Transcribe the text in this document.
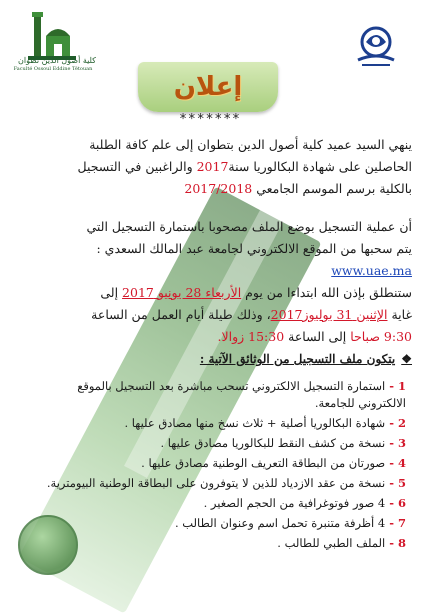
كلية أصول الدين تطوان
Faculté Ossoul Eddine Tétouan
إعلان
*******
ينهي السيد عميد كلية أصول الدين بتطوان إلى علم كافة الطلبة
الحاصلين على شهادة البكالوريا سنة2017 والراغبين في التسجيل
بالكلية برسم الموسم الجامعي 2017/2018
أن عملية التسجيل بوضع الملف مصحوبا باستمارة التسجيل التي
يتم سحبها من الموقع الالكتروني لجامعة عبد المالك السعدي :
www.uae.ma
ستنطلق بإذن الله ابتداءا من يوم الأربعاء 28 يونيو 2017 إلى
غاية الإثنين 31 يوليوز2017، وذلك طيلة أيام العمل من الساعة
9:30 صباحا إلى الساعة 15:30 زوالا.
❖يتكون ملف التسجيل من الوثائق الآتية :
1 -استمارة التسجيل الالكتروني تسحب مباشرة بعد التسجيل بالموقع الالكتروني للجامعة.
2 -شهادة البكالوريا أصلية + ثلاث نسخ منها مصادق عليها .
3 -نسخة من كشف النقط للبكالوريا مصادق عليها .
4 -صورتان من البطاقة التعريف الوطنية مصادق عليها .
5 -نسخة من عقد الازدياد للذين لا يتوفرون على البطاقة الوطنية البيومترية.
6 -4 صور فوتوغرافية من الحجم الصغير .
7 -4 أظرفة متنبرة تحمل اسم وعنوان الطالب .
8 -الملف الطبي للطالب .
